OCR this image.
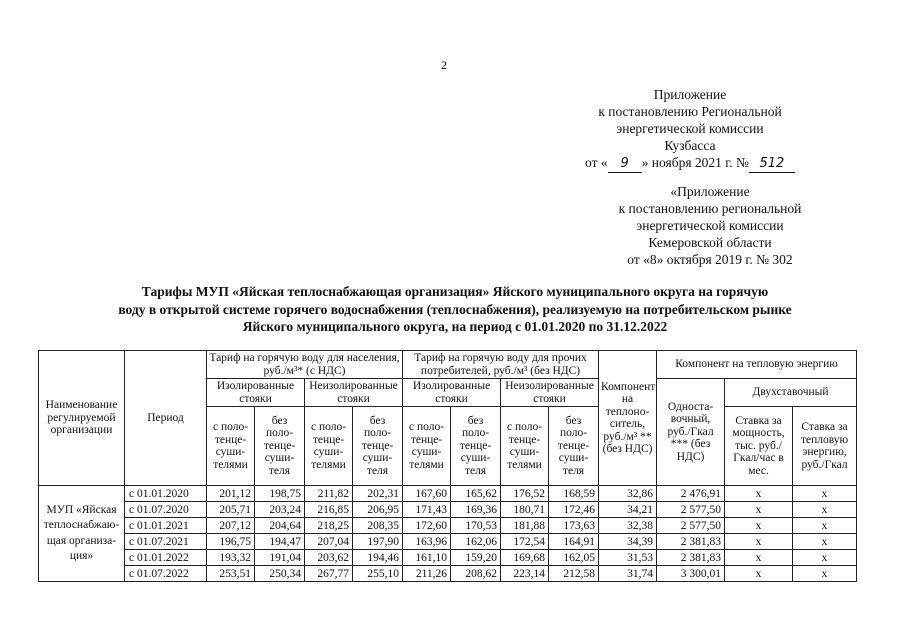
2
Приложение
к постановлению Региональной
энергетической комиссии
Кузбасса
от « 9 » ноября 2021 г. № 512
«Приложение
к постановлению региональной
энергетической комиссии
Кемеровской области
от «8» октября 2019 г. № 302
Тарифы МУП «Яйская теплоснабжающая организация» Яйского муниципального округа на горячую
воду в открытой системе горячего водоснабжения (теплоснабжения), реализуемую на потребительском рынке
Яйского муниципального округа, на период с 01.01.2020 по 31.12.2022
Наименование регулируемой организации	Период	Тариф на горячую воду для населения, руб./м³* (с НДС)				Тариф на горячую воду для прочих потребителей, руб./м³ (без НДС)				Компонент на теплоно-ситель, руб./м³ **(без НДС)	Компонент на тепловую энергию		
		Изолированные стояки		Неизолированные стояки		Изолированные стояки		Неизолированные стояки			Односта-вочный, руб./Гкал *** (без НДС)	Двухставочный	
		с поло-тенце-суши-телями	без поло-тенце-суши-теля	с поло-тенце-суши-телями	без поло-тенце-суши-теля	с поло-тенце-суши-телями	без поло-тенце-суши-теля	с поло-тенце-суши-телями	без поло-тенце-суши-теля			Ставка за мощность, тыс. руб./ Гкал/час в мес.	Ставка за тепловую энергию, руб./Гкал
МУП «Яйская теплоснабжаю-щая организа-ция»	с 01.01.2020	201,12	198,75	211,82	202,31	167,60	165,62	176,52	168,59	32,86	2 476,91	х	х
	с 01.07.2020	205,71	203,24	216,85	206,95	171,43	169,36	180,71	172,46	34,21	2 577,50	х	х
	с 01.01.2021	207,12	204,64	218,25	208,35	172,60	170,53	181,88	173,63	32,38	2 577,50	х	х
	с 01.07.2021	196,75	194,47	207,04	197,90	163,96	162,06	172,54	164,91	34,39	2 381,83	х	х
	с 01.01.2022	193,32	191,04	203,62	194,46	161,10	159,20	169,68	162,05	31,53	2 381,83	х	х
	с 01.07.2022	253,51	250,34	267,77	255,10	211,26	208,62	223,14	212,58	31,74	3 300,01	х	х
